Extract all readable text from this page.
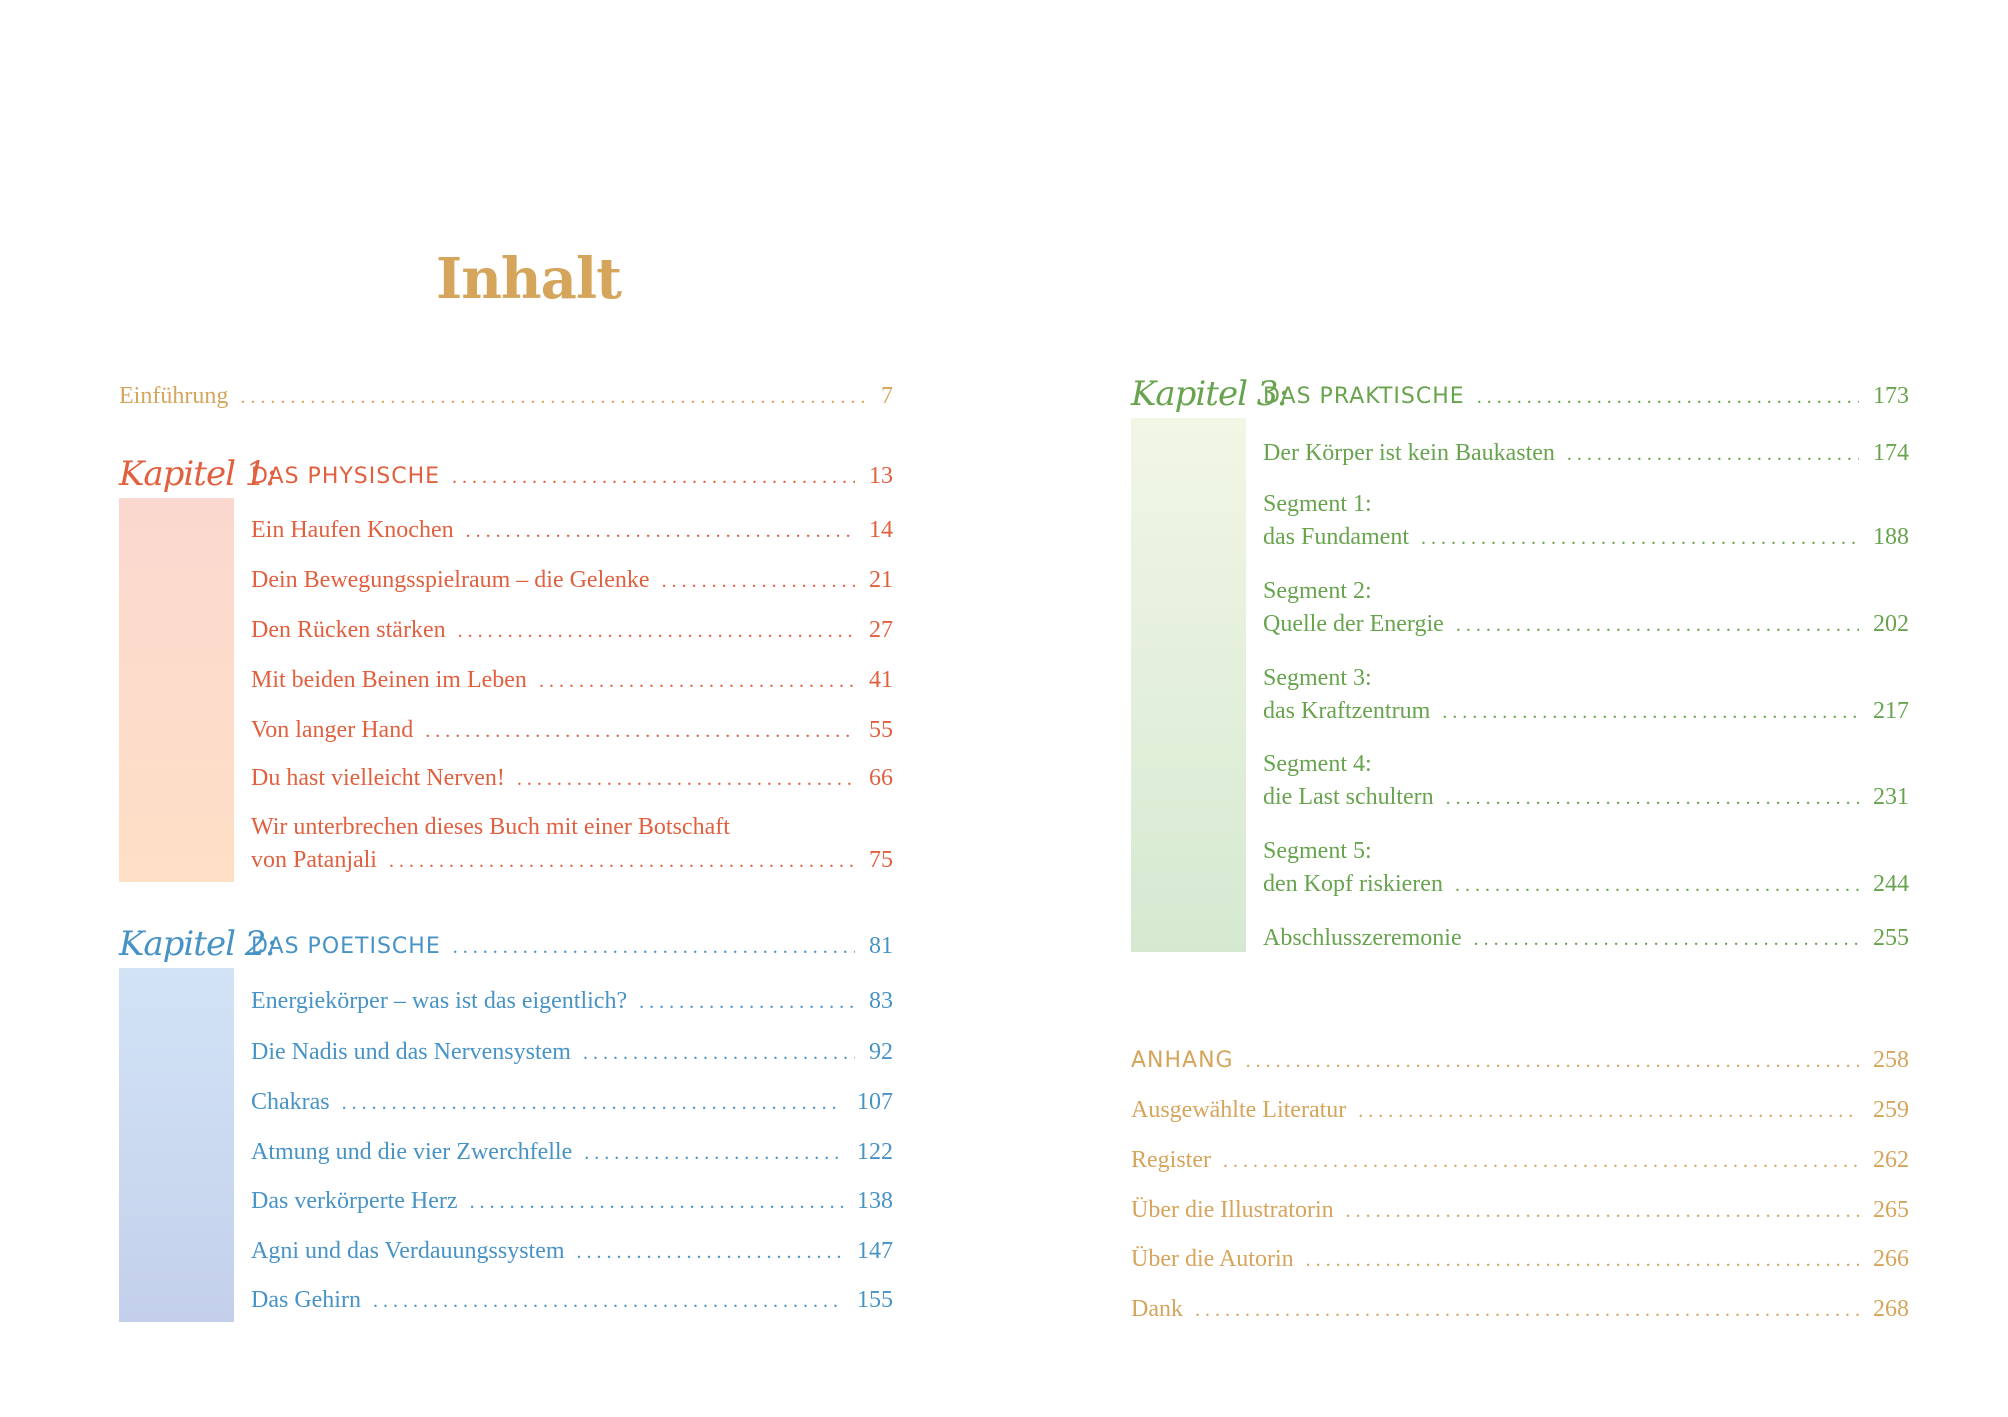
Inhalt
Einführung . . .	7
Kapitel 1:
DAS PHYSISCHE . . .	13
Ein Haufen Knochen . . .	14
Dein Bewegungsspielraum – die Gelenke . . .	21
Den Rücken stärken . . .	27
Mit beiden Beinen im Leben . . .	41
Von langer Hand . . .	55
Du hast vielleicht Nerven! . . .	66
Wir unterbrechen dieses Buch mit einer Botschaft
von Patanjali . . .	75
Kapitel 2:
DAS POETISCHE . . .	81
Energiekörper – was ist das eigentlich? . . .	83
Die Nadis und das Nervensystem . . .	92
Chakras . . .	107
Atmung und die vier Zwerchfelle . . .	122
Das verkörperte Herz . . .	138
Agni und das Verdauungssystem . . .	147
Das Gehirn . . .	155
Kapitel 3:
DAS PRAKTISCHE . . .	173
Der Körper ist kein Baukasten . . .	174
Segment 1:
das Fundament . . .	188
Segment 2:
Quelle der Energie . . .	202
Segment 3:
das Kraftzentrum . . .	217
Segment 4:
die Last schultern . . .	231
Segment 5:
den Kopf riskieren . . .	244
Abschlusszeremonie . . .	255
ANHANG . . .	258
Ausgewählte Literatur . . .	259
Register . . .	262
Über die Illustratorin . . .	265
Über die Autorin . . .	266
Dank . . .	268
